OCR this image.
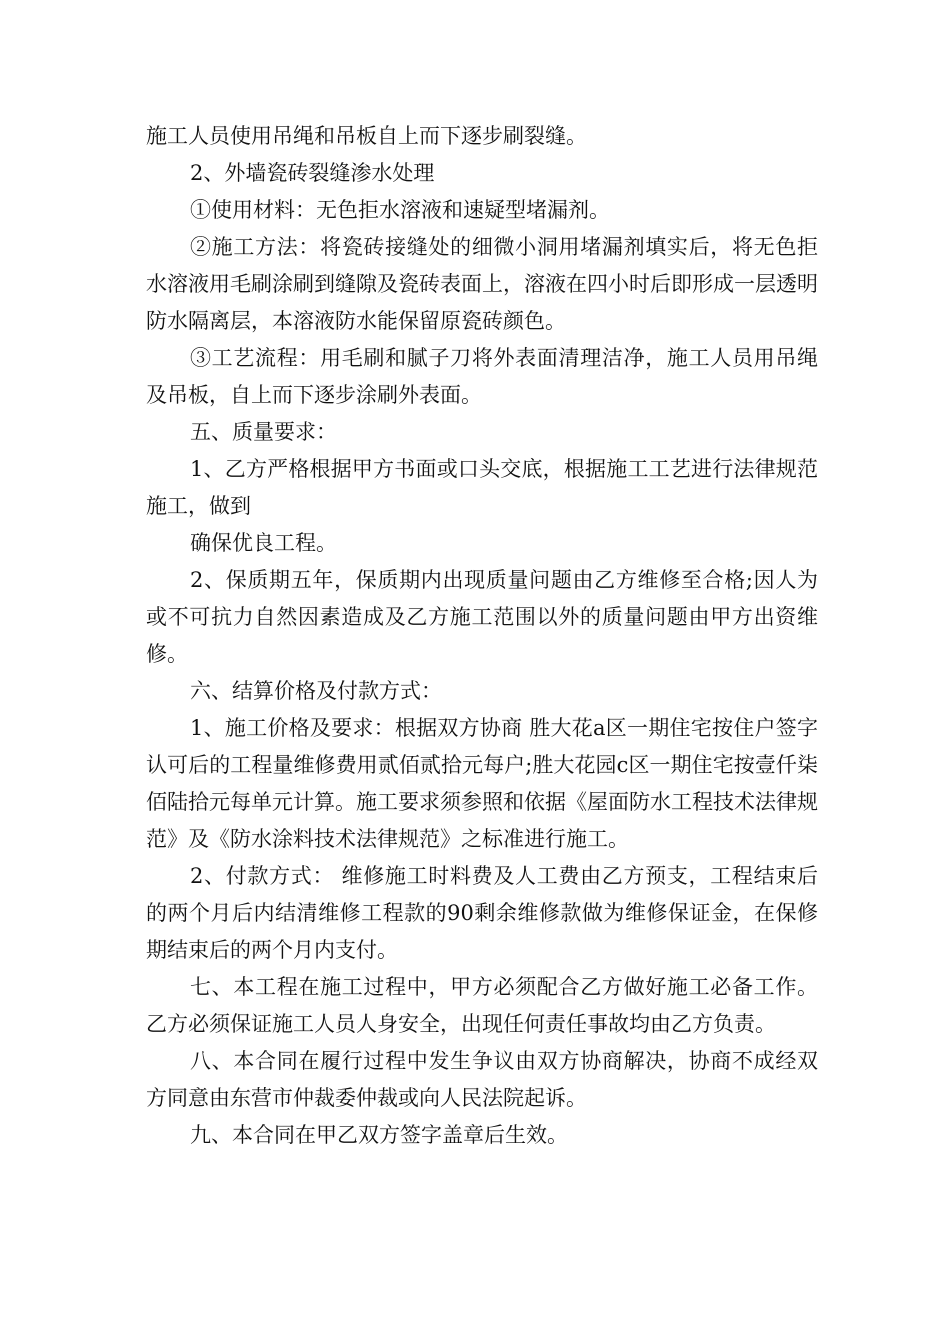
施工人员使用吊绳和吊板自上而下逐步刷裂缝。

2、外墙瓷砖裂缝渗水处理

①使用材料：无色拒水溶液和速疑型堵漏剂。

②施工方法：将瓷砖接缝处的细微小洞用堵漏剂填实后，将无色拒水溶液用毛刷涂刷到缝隙及瓷砖表面上，溶液在四小时后即形成一层透明防水隔离层，本溶液防水能保留原瓷砖颜色。

③工艺流程：用毛刷和腻子刀将外表面清理洁净，施工人员用吊绳及吊板，自上而下逐步涂刷外表面。

五、质量要求：

1、乙方严格根据甲方书面或口头交底，根据施工工艺进行法律规范施工，做到

确保优良工程。

2、保质期五年，保质期内出现质量问题由乙方维修至合格;因人为或不可抗力自然因素造成及乙方施工范围以外的质量问题由甲方出资维修。

六、结算价格及付款方式：

1、施工价格及要求：根据双方协商 胜大花a区一期住宅按住户签字认可后的工程量维修费用贰佰贰拾元每户;胜大花园c区一期住宅按壹仟柒佰陆拾元每单元计算。施工要求须参照和依据《屋面防水工程技术法律规范》及《防水涂料技术法律规范》之标准进行施工。

2、付款方式： 维修施工时料费及人工费由乙方预支，工程结束后的两个月后内结清维修工程款的90剩余维修款做为维修保证金，在保修期结束后的两个月内支付。

七、本工程在施工过程中，甲方必须配合乙方做好施工必备工作。乙方必须保证施工人员人身安全，出现任何责任事故均由乙方负责。

八、本合同在履行过程中发生争议由双方协商解决，协商不成经双方同意由东营市仲裁委仲裁或向人民法院起诉。

九、本合同在甲乙双方签字盖章后生效。
